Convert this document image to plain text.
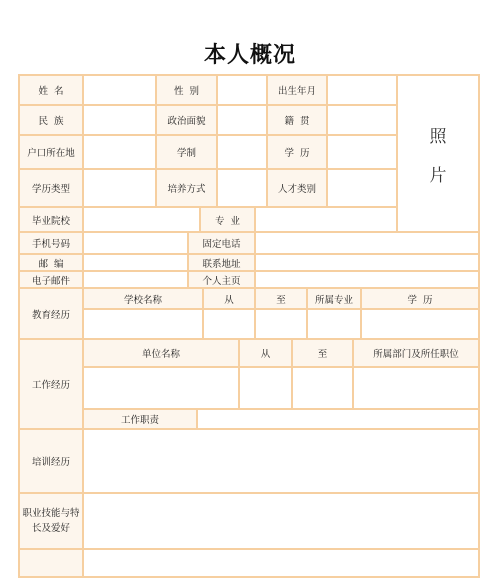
本人概况
姓  名	性  别	出生年月
照
片
民  族	政治面貌	籍  贯
户口所在地	学制	学  历
学历类型	培养方式	人才类别
毕业院校	专  业
手机号码	固定电话
邮  编	联系地址
电子邮件	个人主页
教育经历
学校名称	从	至	所属专业	学  历
工作经历
单位名称	从	至	所属部门及所任职位
工作职责
培训经历
职业技能与特
长及爱好
